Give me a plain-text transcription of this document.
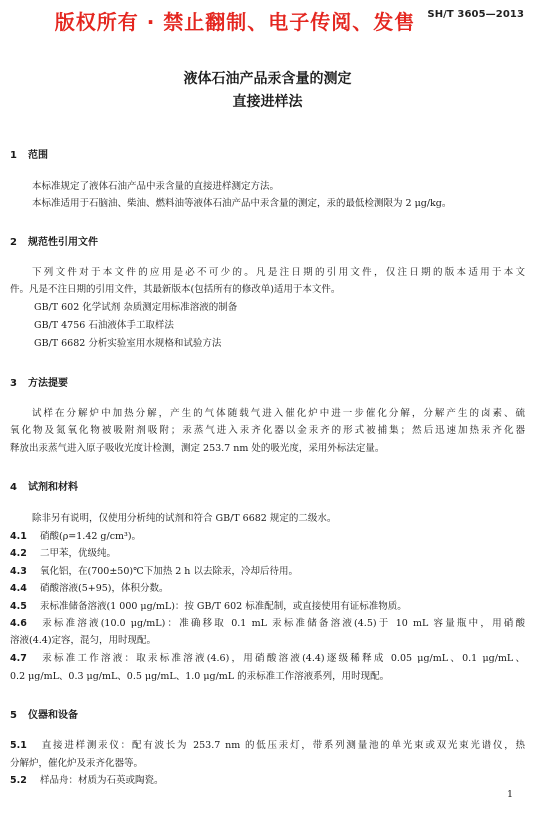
版权所有 · 禁止翻制、电子传阅、发售	SH/T 3605—2013
液体石油产品汞含量的测定
直接进样法
1 范围
本标准规定了液体石油产品中汞含量的直接进样测定方法。
本标准适用于石脑油、柴油、燃料油等液体石油产品中汞含量的测定，汞的最低检测限为 2 μg/kg。
2 规范性引用文件
下列文件对于本文件的应用是必不可少的。凡是注日期的引用文件，仅注日期的版本适用于本文
件。凡是不注日期的引用文件，其最新版本(包括所有的修改单)适用于本文件。
GB/T 602 化学试剂 杂质测定用标准溶液的制备
GB/T 4756 石油液体手工取样法
GB/T 6682 分析实验室用水规格和试验方法
3 方法提要
试样在分解炉中加热分解，产生的气体随载气进入催化炉中进一步催化分解，分解产生的卤素、硫
氧化物及氮氧化物被吸附剂吸附；汞蒸气进入汞齐化器以金汞齐的形式被捕集；然后迅速加热汞齐化器
释放出汞蒸气进入原子吸收光度计检测，测定 253.7 nm 处的吸光度，采用外标法定量。
4 试剂和材料
除非另有说明，仅使用分析纯的试剂和符合 GB/T 6682 规定的二级水。
4.1 硝酸(ρ=1.42 g/cm³)。
4.2 二甲苯，优级纯。
4.3 氧化铝，在(700±50)℃下加热 2 h 以去除汞，冷却后待用。
4.4 硝酸溶液(5+95)，体积分数。
4.5 汞标准储备溶液(1 000 μg/mL)：按 GB/T 602 标准配制，或直接使用有证标准物质。
4.6 汞标准溶液(10.0 μg/mL)：准确移取 0.1 mL 汞标准储备溶液(4.5)于 10 mL 容量瓶中，用硝酸
溶液(4.4)定容，混匀，用时现配。
4.7 汞标准工作溶液：取汞标准溶液(4.6)，用硝酸溶液(4.4)逐级稀释成 0.05 μg/mL、0.1 μg/mL、
0.2 μg/mL、0.3 μg/mL、0.5 μg/mL、1.0 μg/mL 的汞标准工作溶液系列，用时现配。
5 仪器和设备
5.1 直接进样测汞仪：配有波长为 253.7 nm 的低压汞灯，带系列测量池的单光束或双光束光谱仪，热
分解炉，催化炉及汞齐化器等。
5.2 样品舟：材质为石英或陶瓷。
1
